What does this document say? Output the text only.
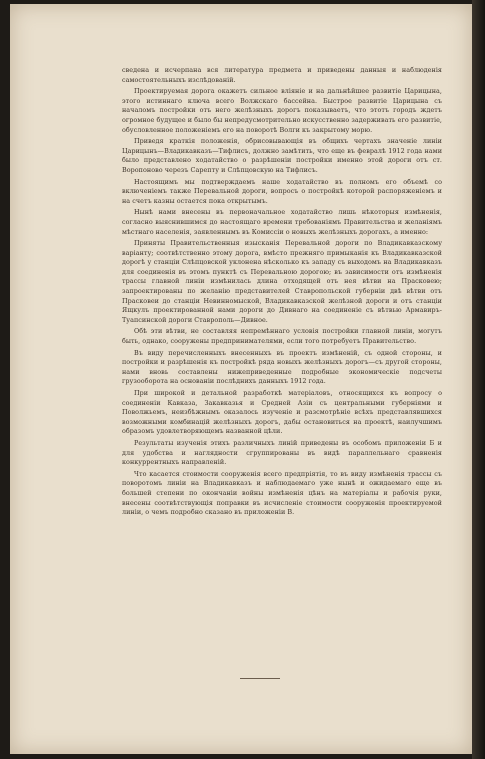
сведена и исчерпана вся литература предмета и приведены данныя и наблюденія самостоятельныхъ изслѣдованій.

Проектируемая дорога окажетъ сильное вліяніе и на дальнѣйшее развитіе Царицына, этого истиннаго ключа всего Волжскаго бассейна. Быстрое развитіе Царицына съ началомъ постройки отъ него желѣзныхъ дорогъ показываетъ, что этотъ городъ ждетъ огромное будущее и было бы непредусмотрительно искусственно задерживать его развитіе, обусловленное положеніемъ его на поворотѣ Волги къ закрытому морю.

Приведя краткія положенія, обрисовывающія въ общихъ чертахъ значеніе линіи Царицынъ—Владикавказъ—Тифлисъ, должно замѣтить, что еще въ февралѣ 1912 года нами было представлено ходатайство о разрѣшеніи постройки именно этой дороги отъ ст. Воропоново черезъ Сарепту и Слѣпцовскую на Тифлисъ.

Настоящимъ мы подтверждаемъ наше ходатайство въ полномъ его объемѣ со включеніемъ также Перевальной дороги, вопросъ о постройкѣ которой распоряженіемъ и на счетъ казны остается пока открытымъ.

Нынѣ нами внесены въ первоначальное ходатайство лишь нѣкоторыя измѣненія, согласно выяснившимся до настоящаго времени требованіямъ Правительства и желаніямъ мѣстнаго населенія, заявленнымъ въ Комиссіи о новыхъ желѣзныхъ дорогахъ, а именно:

Приняты Правительственныя изысканія Перевальной дороги по Владикавказскому варіанту; соотвѣтственно этому дорога, вмѣсто прежняго примыканія къ Владикавказской дорогѣ у станціи Слѣпцовской уклонена нѣсколько къ западу съ выходомъ на Владикавказъ для соединенія въ этомъ пунктѣ съ Перевальною дорогою; въ зависимости отъ измѣненія трассы главной линіи измѣнилась длина отходящей отъ нея вѣтви на Прасковею; запроектированы по желанію представителей Ставропольской губерніи двѣ вѣтви отъ Прасковеи до станціи Невинномыской, Владикавказской желѣзной дороги и отъ станціи Ящкулъ проектированной нами дороги до Дивнаго на соединеніе съ вѣтвью Армавиръ-Туапсинской дороги Ставрополь—Дивное.

Обѣ эти вѣтви, не составляя непремѣннаго условія постройки главной линіи, могутъ быть, однако, сооружены предпринимателями, если того потребуетъ Правительство.

Въ виду перечисленныхъ внесенныхъ въ проектъ измѣненій, съ одной стороны, и постройки и разрѣшенія къ постройкѣ ряда новыхъ желѣзныхъ дорогъ—съ другой стороны, нами вновь составлены нижеприведенные подробные экономическіе подсчеты грузооборота на основаніи послѣднихъ данныхъ 1912 года.

При широкой и детальной разработкѣ матеріаловъ, относящихся къ вопросу о соединеніи Кавказа, Закавказья и Средней Азіи съ центральными губерніями и Поволжьемъ, неизбѣжнымъ оказалось изученіе и разсмотрѣніе всѣхъ представлявшихся возможными комбинацій желѣзныхъ дорогъ, дабы остановиться на проектѣ, наилучшимъ образомъ удовлетворяющемъ названной цѣли.

Результаты изученія этихъ различныхъ линій приведены въ особомъ приложеніи Б и для удобства и наглядности сгруппированы въ видѣ параллельнаго сравненія конкуррентныхъ направленій.

Что касается стоимости сооруженія всего предпріятія, то въ виду измѣненія трассы съ поворотомъ линіи на Владикавказъ и наблюдаемаго уже нынѣ и ожидаемаго еще въ большей степени по окончаніи войны измѣненія цѣнъ на матеріалы и рабочія руки, внесены соотвѣтствующія поправки въ исчисленіе стоимости сооруженія проектируемой линіи, о чемъ подробно сказано въ приложеніи В.
